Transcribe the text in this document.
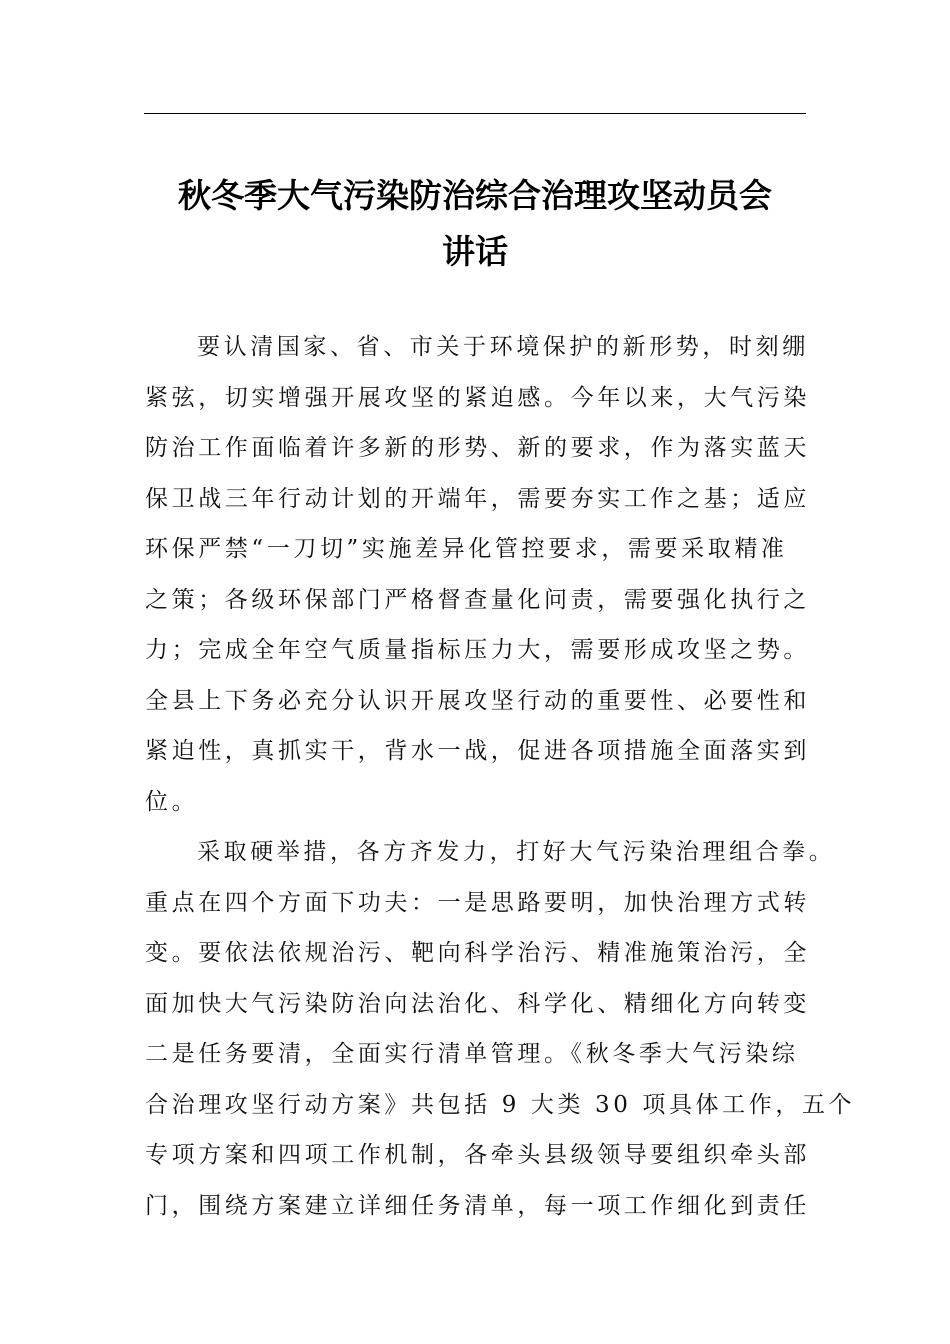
秋冬季大气污染防治综合治理攻坚动员会
讲话
要认清国家、省、市关于环境保护的新形势，时刻绷
紧弦，切实增强开展攻坚的紧迫感。今年以来，大气污染
防治工作面临着许多新的形势、新的要求，作为落实蓝天
保卫战三年行动计划的开端年，需要夯实工作之基；适应
环保严禁“一刀切”实施差异化管控要求，需要采取精准
之策；各级环保部门严格督查量化问责，需要强化执行之
力；完成全年空气质量指标压力大，需要形成攻坚之势。
全县上下务必充分认识开展攻坚行动的重要性、必要性和
紧迫性，真抓实干，背水一战，促进各项措施全面落实到
位。
采取硬举措，各方齐发力，打好大气污染治理组合拳。
重点在四个方面下功夫：一是思路要明，加快治理方式转
变。要依法依规治污、靶向科学治污、精准施策治污，全
面加快大气污染防治向法治化、科学化、精细化方向转变
二是任务要清，全面实行清单管理。《秋冬季大气污染综
合治理攻坚行动方案》共包括 9 大类 30 项具体工作，五个
专项方案和四项工作机制，各牵头县级领导要组织牵头部
门，围绕方案建立详细任务清单，每一项工作细化到责任
